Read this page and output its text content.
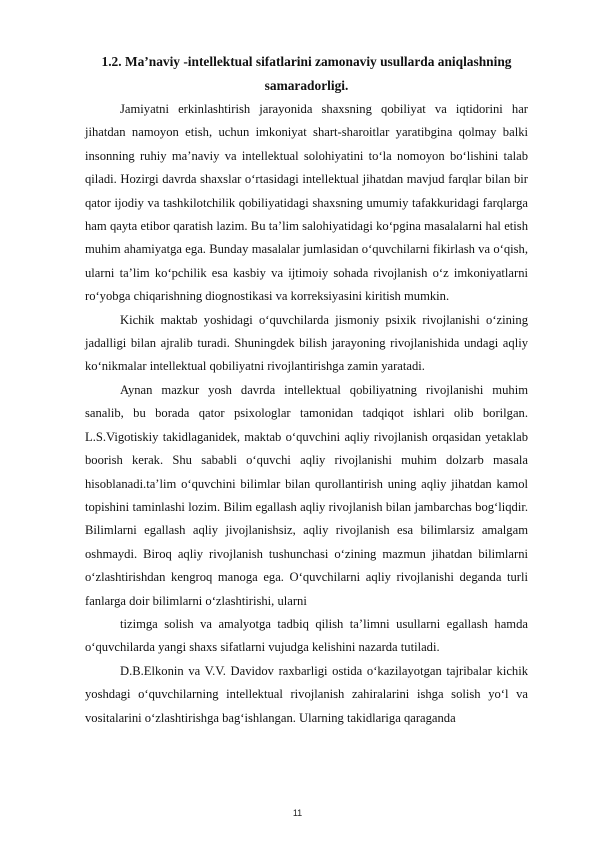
1.2. Ma’naviy -intellektual sifatlarini zamonaviy usullarda aniqlashning
samaradorligi.

Jamiyatni erkinlashtirish jarayonida shaxsning qobiliyat va iqtidorini har jihatdan namoyon etish, uchun imkoniyat shart-sharoitlar yaratibgina qolmay balki insonning ruhiy ma’naviy va intellektual solohiyatini to‘la nomoyon bo‘lishini talab qiladi. Hozirgi davrda shaxslar o‘rtasidagi intellektual jihatdan mavjud farqlar bilan bir qator ijodiy va tashkilotchilik qobiliyatidagi shaxsning umumiy tafakkuridagi farqlarga ham qayta etibor qaratish lazim. Bu ta’lim salohiyatidagi ko‘pgina masalalarni hal etish muhim ahamiyatga ega. Bunday masalalar jumlasidan o‘quvchilarni fikirlash va o‘qish, ularni ta’lim ko‘pchilik esa kasbiy va ijtimoiy sohada rivojlanish o‘z imkoniyatlarni ro‘yobga chiqarishning diognostikasi va korreksiyasini kiritish mumkin.

Kichik maktab yoshidagi o‘quvchilarda jismoniy psixik rivojlanishi o‘zining jadalligi bilan ajralib turadi. Shuningdek bilish jarayoning rivojlanishida undagi aqliy ko‘nikmalar intellektual qobiliyatni rivojlantirishga zamin yaratadi.

Aynan mazkur yosh davrda intellektual qobiliyatning rivojlanishi muhim sanalib, bu borada qator psixologlar tamonidan tadqiqot ishlari olib borilgan. L.S.Vigotiskiy takidlaganidek, maktab o‘quvchini aqliy rivojlanish orqasidan yetaklab boorish kerak. Shu sababli o‘quvchi aqliy rivojlanishi muhim dolzarb masala hisoblanadi.ta’lim o‘quvchini bilimlar bilan qurollantirish uning aqliy jihatdan kamol topishini taminlashi lozim. Bilim egallash aqliy rivojlanish bilan jambarchas bog‘liqdir. Bilimlarni egallash aqliy jivojlanishsiz, aqliy rivojlanish esa bilimlarsiz amalgam oshmaydi. Biroq aqliy rivojlanish tushunchasi o‘zining mazmun jihatdan bilimlarni o‘zlashtirishdan kengroq manoga ega. O‘quvchilarni aqliy rivojlanishi deganda turli fanlarga doir bilimlarni o‘zlashtirishi, ularni

tizimga solish va amalyotga tadbiq qilish ta’limni usullarni egallash hamda o‘quvchilarda yangi shaxs sifatlarni vujudga kelishini nazarda tutiladi.

D.B.Elkonin va V.V. Davidov raxbarligi ostida o‘kazilayotgan tajribalar kichik yoshdagi o‘quvchilarning intellektual rivojlanish zahiralarini ishga solish yo‘l va vositalarini o‘zlashtirishga bag‘ishlangan. Ularning takidlariga qaraganda

11
